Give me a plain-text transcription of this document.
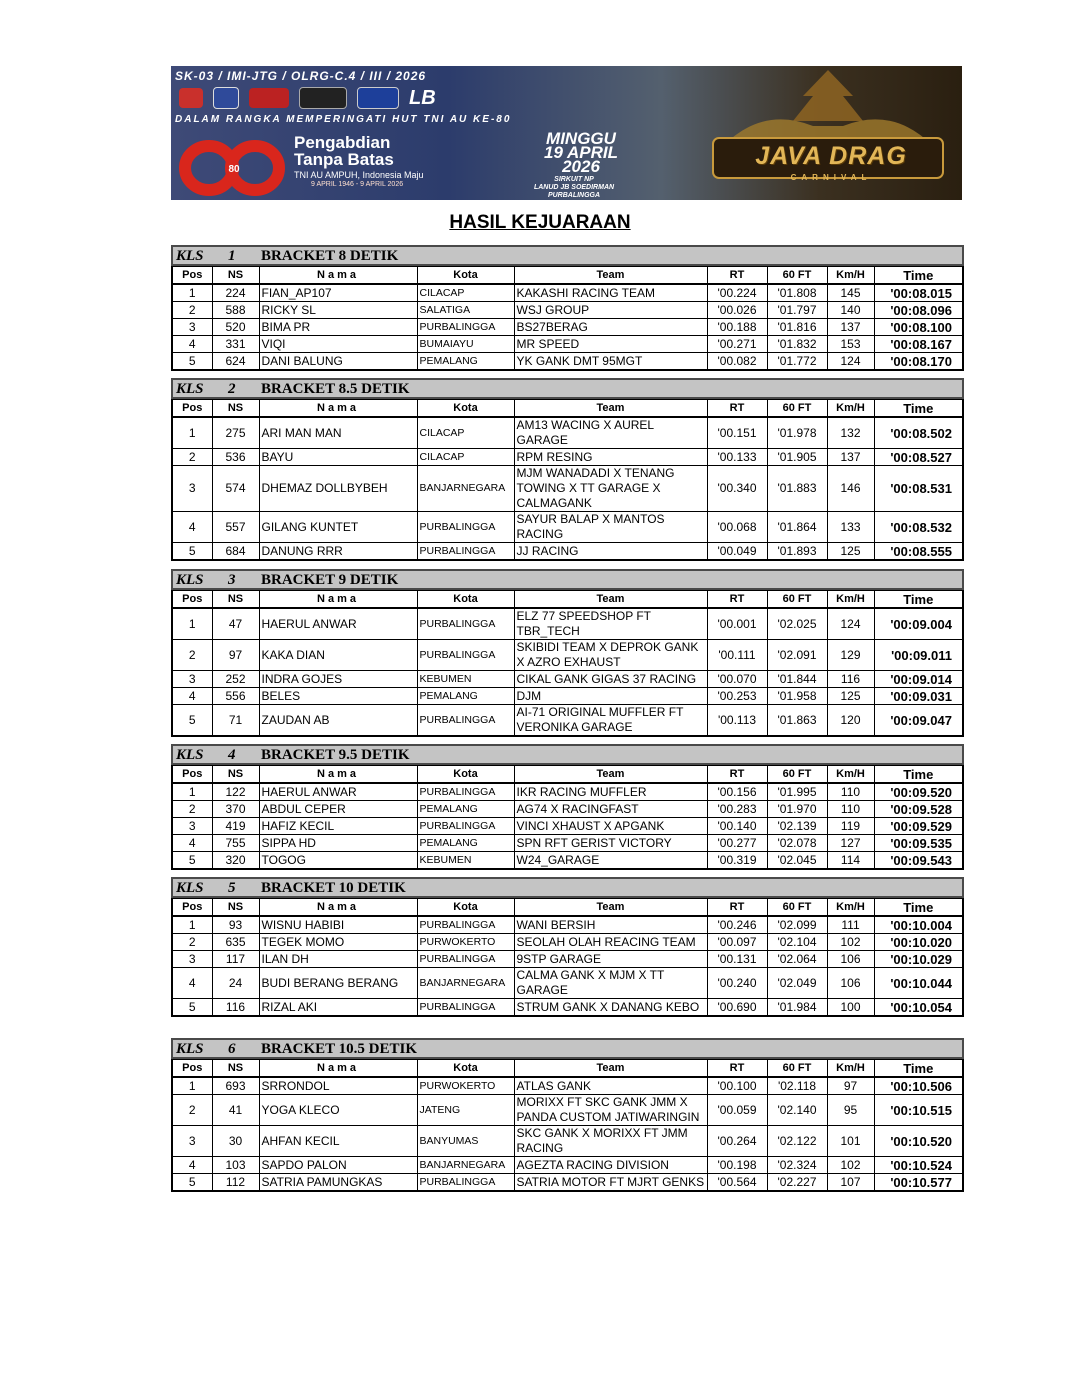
SK-03 / IMI-JTG / OLRG-C.4 / III / 2026
LB
DALAM RANGKA MEMPERINGATI HUT TNI AU KE-80
80
Pengabdian
Tanpa Batas
TNI AU AMPUH, Indonesia Maju
9 APRIL 1946 - 9 APRIL 2026
MINGGU
19 APRIL
2026
SIRKUIT NP
LANUD JB SOEDIRMAN
PURBALINGGA
JAVA DRAG
CARNIVAL
HASIL KEJUARAAN
KLS 1 BRACKET 8 DETIK
Pos	NS	Nama	Kota	Team	RT	60 FT	Km/H	Time
1	224	FIAN_AP107	CILACAP	KAKASHI RACING TEAM	'00.224	'01.808	145	'00:08.015
2	588	RICKY SL	SALATIGA	WSJ GROUP	'00.026	'01.797	140	'00:08.096
3	520	BIMA PR	PURBALINGGA	BS27BERAG	'00.188	'01.816	137	'00:08.100
4	331	VIQI	BUMAIAYU	MR SPEED	'00.271	'01.832	153	'00:08.167
5	624	DANI BALUNG	PEMALANG	YK GANK DMT 95MGT	'00.082	'01.772	124	'00:08.170
KLS 2 BRACKET 8.5 DETIK
Pos	NS	Nama	Kota	Team	RT	60 FT	Km/H	Time
1	275	ARI MAN MAN	CILACAP	AM13 WACING X AUREL GARAGE	'00.151	'01.978	132	'00:08.502
2	536	BAYU	CILACAP	RPM RESING	'00.133	'01.905	137	'00:08.527
3	574	DHEMAZ DOLLBYBEH	BANJARNEGARA	MJM WANADADI X TENANG TOWING X TT GARAGE X CALMAGANK	'00.340	'01.883	146	'00:08.531
4	557	GILANG KUNTET	PURBALINGGA	SAYUR BALAP X MANTOS RACING	'00.068	'01.864	133	'00:08.532
5	684	DANUNG RRR	PURBALINGGA	JJ RACING	'00.049	'01.893	125	'00:08.555
KLS 3 BRACKET 9 DETIK
Pos	NS	Nama	Kota	Team	RT	60 FT	Km/H	Time
1	47	HAERUL ANWAR	PURBALINGGA	ELZ 77 SPEEDSHOP FT TBR_TECH	'00.001	'02.025	124	'00:09.004
2	97	KAKA DIAN	PURBALINGGA	SKIBIDI TEAM X DEPROK GANK X AZRO EXHAUST	'00.111	'02.091	129	'00:09.011
3	252	INDRA GOJES	KEBUMEN	CIKAL GANK GIGAS 37 RACING	'00.070	'01.844	116	'00:09.014
4	556	BELES	PEMALANG	DJM	'00.253	'01.958	125	'00:09.031
5	71	ZAUDAN AB	PURBALINGGA	AI-71 ORIGINAL MUFFLER FT VERONIKA GARAGE	'00.113	'01.863	120	'00:09.047
KLS 4 BRACKET 9.5 DETIK
Pos	NS	Nama	Kota	Team	RT	60 FT	Km/H	Time
1	122	HAERUL ANWAR	PURBALINGGA	IKR RACING MUFFLER	'00.156	'01.995	110	'00:09.520
2	370	ABDUL CEPER	PEMALANG	AG74 X RACINGFAST	'00.283	'01.970	110	'00:09.528
3	419	HAFIZ KECIL	PURBALINGGA	VINCI XHAUST X APGANK	'00.140	'02.139	119	'00:09.529
4	755	SIPPA HD	PEMALANG	SPN RFT GERIST VICTORY	'00.277	'02.078	127	'00:09.535
5	320	TOGOG	KEBUMEN	W24_GARAGE	'00.319	'02.045	114	'00:09.543
KLS 5 BRACKET 10 DETIK
Pos	NS	Nama	Kota	Team	RT	60 FT	Km/H	Time
1	93	WISNU HABIBI	PURBALINGGA	WANI BERSIH	'00.246	'02.099	111	'00:10.004
2	635	TEGEK MOMO	PURWOKERTO	SEOLAH OLAH REACING TEAM	'00.097	'02.104	102	'00:10.020
3	117	ILAN DH	PURBALINGGA	9STP GARAGE	'00.131	'02.064	106	'00:10.029
4	24	BUDI BERANG BERANG	BANJARNEGARA	CALMA GANK X MJM X TT GARAGE	'00.240	'02.049	106	'00:10.044
5	116	RIZAL AKI	PURBALINGGA	STRUM GANK X DANANG KEBO	'00.690	'01.984	100	'00:10.054
KLS 6 BRACKET 10.5 DETIK
Pos	NS	Nama	Kota	Team	RT	60 FT	Km/H	Time
1	693	SRRONDOL	PURWOKERTO	ATLAS GANK	'00.100	'02.118	97	'00:10.506
2	41	YOGA KLECO	JATENG	MORIXX FT SKC GANK JMM X PANDA CUSTOM JATIWARINGIN	'00.059	'02.140	95	'00:10.515
3	30	AHFAN KECIL	BANYUMAS	SKC GANK X MORIXX FT JMM RACING	'00.264	'02.122	101	'00:10.520
4	103	SAPDO PALON	BANJARNEGARA	AGEZTA RACING DIVISION	'00.198	'02.324	102	'00:10.524
5	112	SATRIA PAMUNGKAS	PURBALINGGA	SATRIA MOTOR FT MJRT GENKS	'00.564	'02.227	107	'00:10.577
